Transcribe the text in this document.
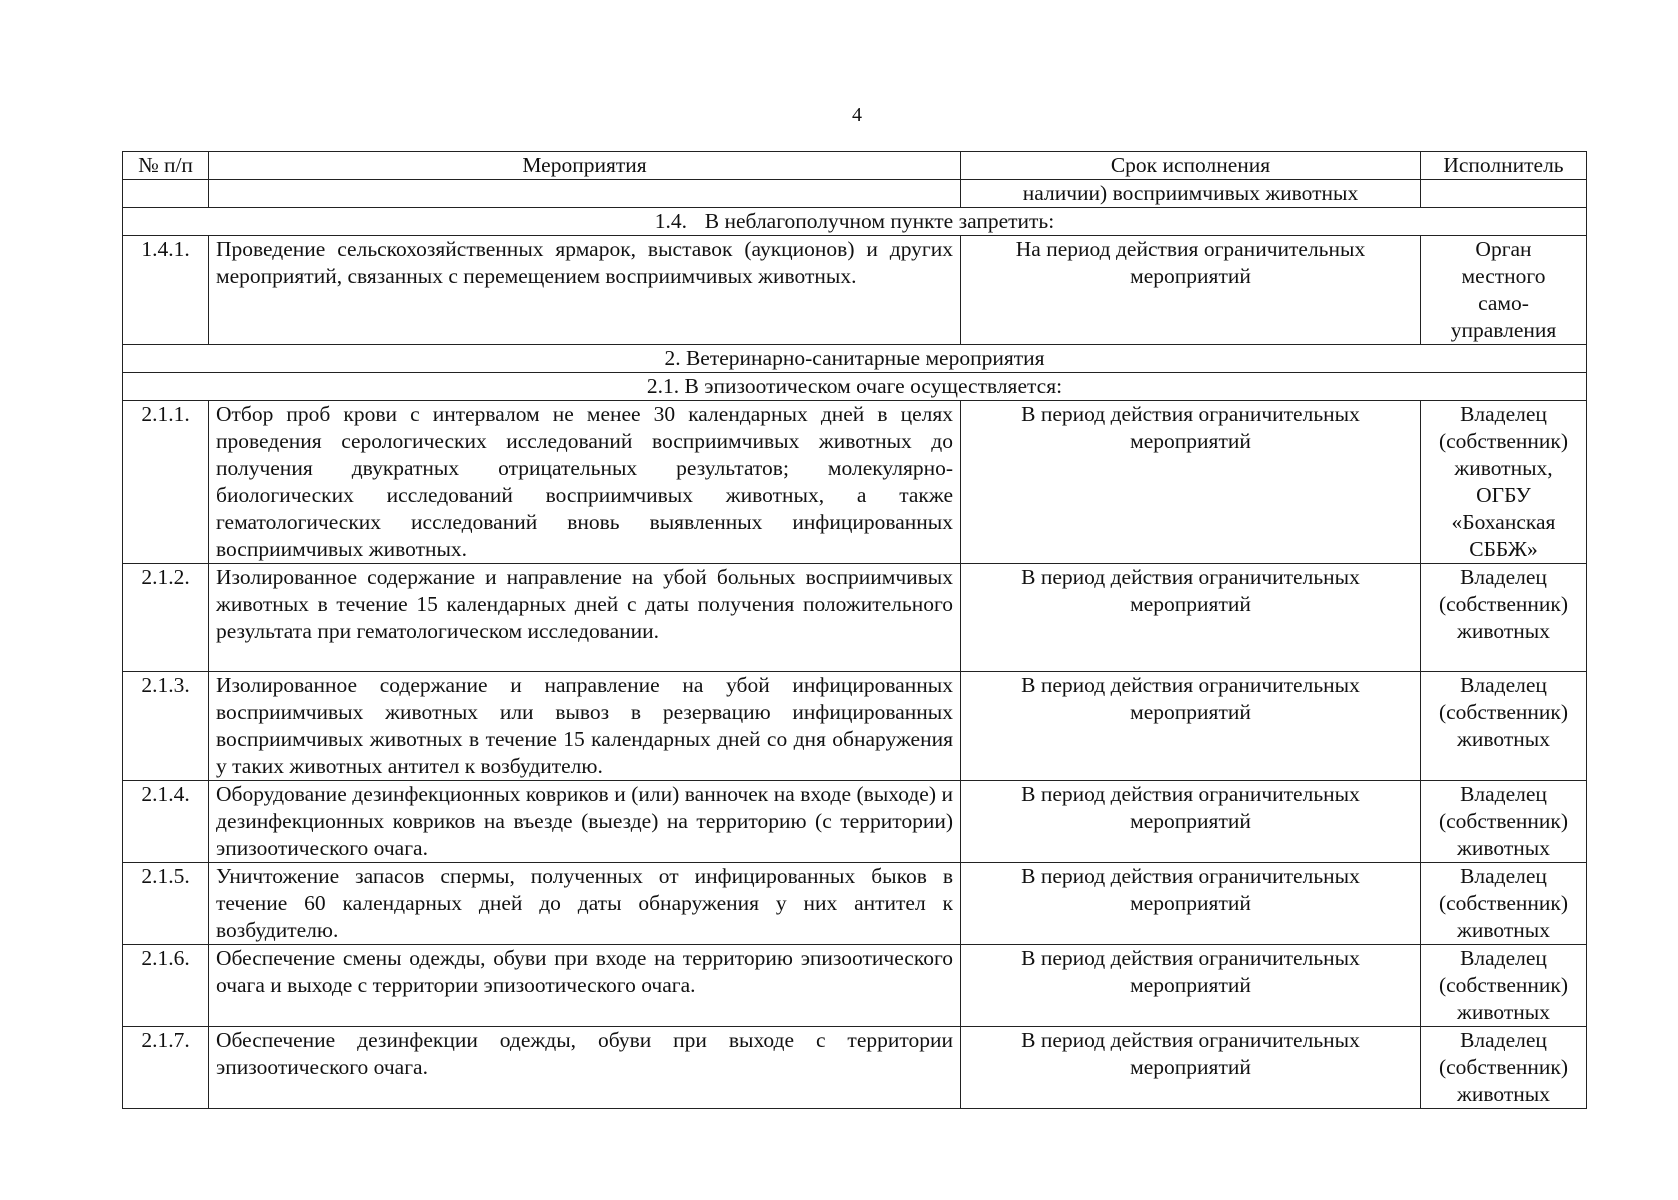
4
№ п/п	Мероприятия	Срок исполнения	Исполнитель
		наличии) восприимчивых животных	
1.4. В неблагополучном пункте запретить:			
1.4.1.	Проведение сельскохозяйственных ярмарок, выставок (аукционов) и других мероприятий, связанных с перемещением восприимчивых животных.	На период действия ограничительных мероприятий	Орган местного само-управления
2. Ветеринарно-санитарные мероприятия			
2.1. В эпизоотическом очаге осуществляется:			
2.1.1.	Отбор проб крови с интервалом не менее 30 календарных дней в целях проведения серологических исследований восприимчивых животных до получения двукратных отрицательных результатов; молекулярно-биологических исследований восприимчивых животных, а также гематологических исследований вновь выявленных инфицированных восприимчивых животных.	В период действия ограничительных мероприятий	Владелец (собственник) животных, ОГБУ «Боханская СББЖ»
2.1.2.	Изолированное содержание и направление на убой больных восприимчивых животных в течение 15 календарных дней с даты получения положительного результата при гематологическом исследовании.	В период действия ограничительных мероприятий	Владелец (собственник) животных
2.1.3.	Изолированное содержание и направление на убой инфицированных восприимчивых животных или вывоз в резервацию инфицированных восприимчивых животных в течение 15 календарных дней со дня обнаружения у таких животных антител к возбудителю.	В период действия ограничительных мероприятий	Владелец (собственник) животных
2.1.4.	Оборудование дезинфекционных ковриков и (или) ванночек на входе (выходе) и дезинфекционных ковриков на въезде (выезде) на территорию (с территории) эпизоотического очага.	В период действия ограничительных мероприятий	Владелец (собственник) животных
2.1.5.	Уничтожение запасов спермы, полученных от инфицированных быков в течение 60 календарных дней до даты обнаружения у них антител к возбудителю.	В период действия ограничительных мероприятий	Владелец (собственник) животных
2.1.6.	Обеспечение смены одежды, обуви при входе на территорию эпизоотического очага и выходе с территории эпизоотического очага.	В период действия ограничительных мероприятий	Владелец (собственник) животных
2.1.7.	Обеспечение дезинфекции одежды, обуви при выходе с территории эпизоотического очага.	В период действия ограничительных мероприятий	Владелец (собственник) животных
